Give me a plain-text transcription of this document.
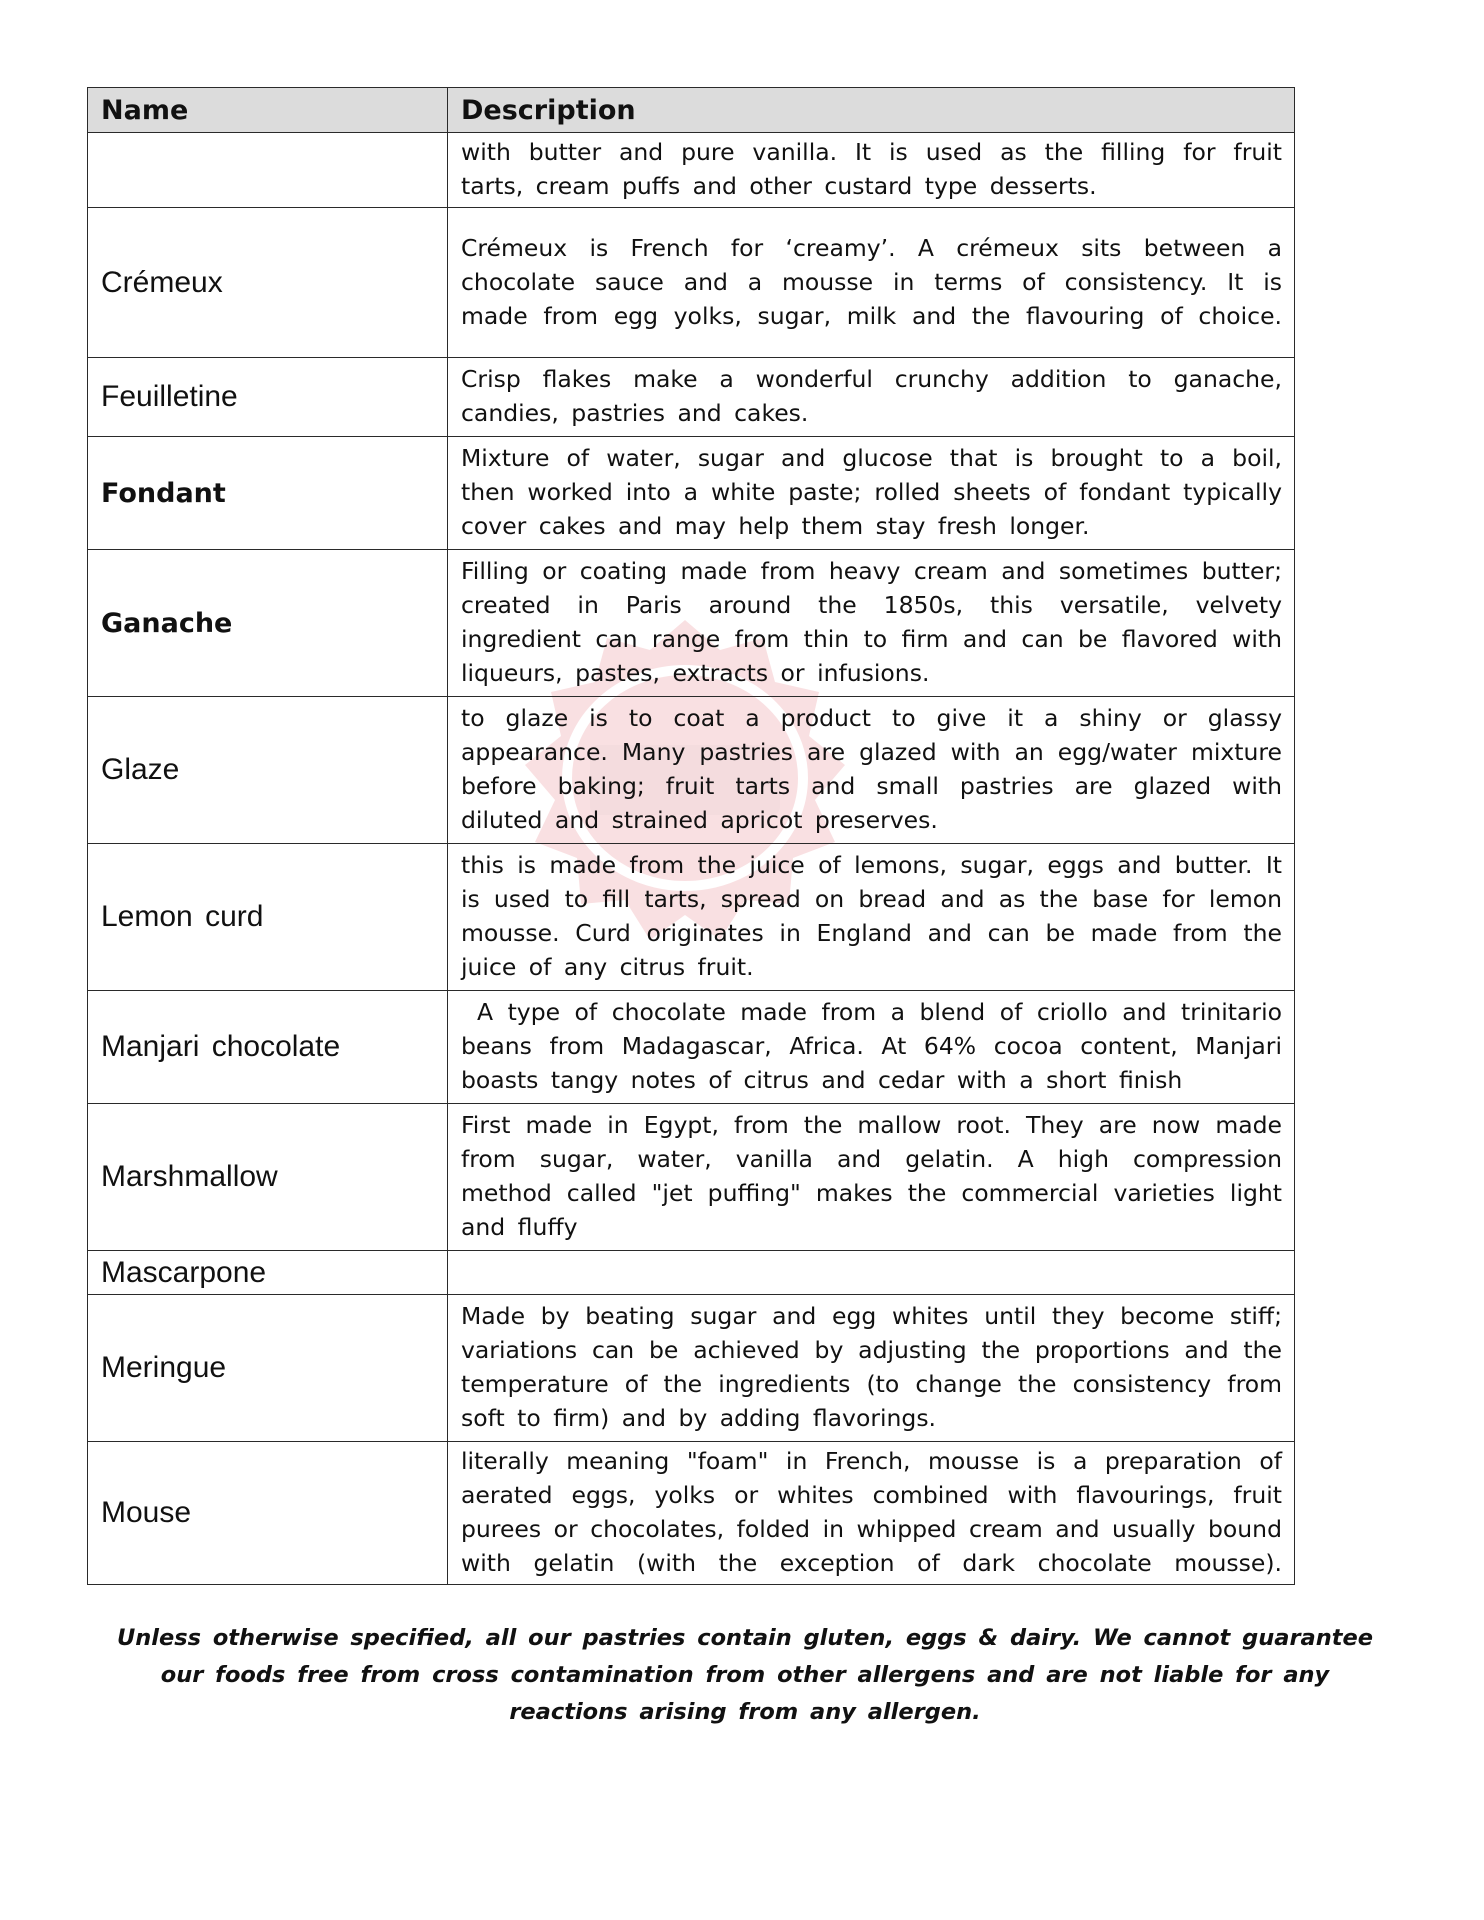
Name	Description
	with butter and pure vanilla. It is used as the filling for fruit tarts, cream puffs and other custard type desserts.
Crémeux	Crémeux is French for ‘creamy’. A crémeux sits between a chocolate sauce and a mousse in terms of consistency. It is made from egg yolks, sugar, milk and the flavouring of choice.
Feuilletine	Crisp flakes make a wonderful crunchy addition to ganache, candies, pastries and cakes.
Fondant	Mixture of water, sugar and glucose that is brought to a boil, then worked into a white paste; rolled sheets of fondant typically cover cakes and may help them stay fresh longer.
Ganache	Filling or coating made from heavy cream and sometimes butter; created in Paris around the 1850s, this versatile, velvety ingredient can range from thin to firm and can be flavored with liqueurs, pastes, extracts or infusions.
Glaze	to glaze is to coat a product to give it a shiny or glassy appearance. Many pastries are glazed with an egg/water mixture before baking; fruit tarts and small pastries are glazed with diluted and strained apricot preserves.
Lemon curd	this is made from the juice of lemons, sugar, eggs and butter. It is used to fill tarts, spread on bread and as the base for lemon mousse. Curd originates in England and can be made from the juice of any citrus fruit.
Manjari chocolate	A type of chocolate made from a blend of criollo and trinitario beans from Madagascar, Africa. At 64% cocoa content, Manjari boasts tangy notes of citrus and cedar with a short finish
Marshmallow	First made in Egypt, from the mallow root. They are now made from sugar, water, vanilla and gelatin. A high compression method called "jet puffing" makes the commercial varieties light and fluffy
Mascarpone	
Meringue	Made by beating sugar and egg whites until they become stiff; variations can be achieved by adjusting the proportions and the temperature of the ingredients (to change the consistency from soft to firm) and by adding flavorings.
Mouse	literally meaning "foam" in French, mousse is a preparation of aerated eggs, yolks or whites combined with flavourings, fruit purees or chocolates, folded in whipped cream and usually bound with gelatin (with the exception of dark chocolate mousse).
Unless otherwise specified, all our pastries contain gluten, eggs & dairy. We cannot guarantee our foods free from cross contamination from other allergens and are not liable for any reactions arising from any allergen.
